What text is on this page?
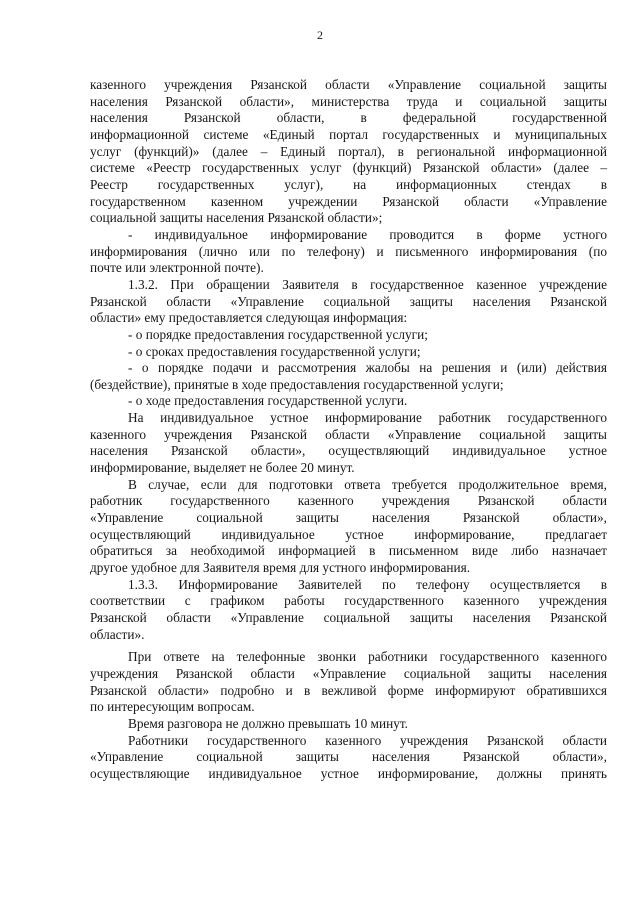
2
казенного учреждения Рязанской области «Управление социальной защиты
населения Рязанской области», министерства труда и социальной защиты
населения Рязанской области, в федеральной государственной
информационной системе «Единый портал государственных и муниципальных
услуг (функций)» (далее – Единый портал), в региональной информационной
системе «Реестр государственных услуг (функций) Рязанской области» (далее –
Реестр государственных услуг), на информационных стендах в
государственном казенном учреждении Рязанской области «Управление
социальной защиты населения Рязанской области»;
- индивидуальное информирование проводится в форме устного
информирования (лично или по телефону) и письменного информирования (по
почте или электронной почте).
1.3.2. При обращении Заявителя в государственное казенное учреждение
Рязанской области «Управление социальной защиты населения Рязанской
области» ему предоставляется следующая информация:
- о порядке предоставления государственной услуги;
- о сроках предоставления государственной услуги;
- о порядке подачи и рассмотрения жалобы на решения и (или) действия
(бездействие), принятые в ходе предоставления государственной услуги;
- о ходе предоставления государственной услуги.
На индивидуальное устное информирование работник государственного
казенного учреждения Рязанской области «Управление социальной защиты
населения Рязанской области», осуществляющий индивидуальное устное
информирование, выделяет не более 20 минут.
В случае, если для подготовки ответа требуется продолжительное время,
работник государственного казенного учреждения Рязанской области
«Управление социальной защиты населения Рязанской области»,
осуществляющий индивидуальное устное информирование, предлагает
обратиться за необходимой информацией в письменном виде либо назначает
другое удобное для Заявителя время для устного информирования.
1.3.3. Информирование Заявителей по телефону осуществляется в
соответствии с графиком работы государственного казенного учреждения
Рязанской области «Управление социальной защиты населения Рязанской
области».
При ответе на телефонные звонки работники государственного казенного
учреждения Рязанской области «Управление социальной защиты населения
Рязанской области» подробно и в вежливой форме информируют обратившихся
по интересующим вопросам.
Время разговора не должно превышать 10 минут.
Работники государственного казенного учреждения Рязанской области
«Управление социальной защиты населения Рязанской области»,
осуществляющие индивидуальное устное информирование, должны принять
